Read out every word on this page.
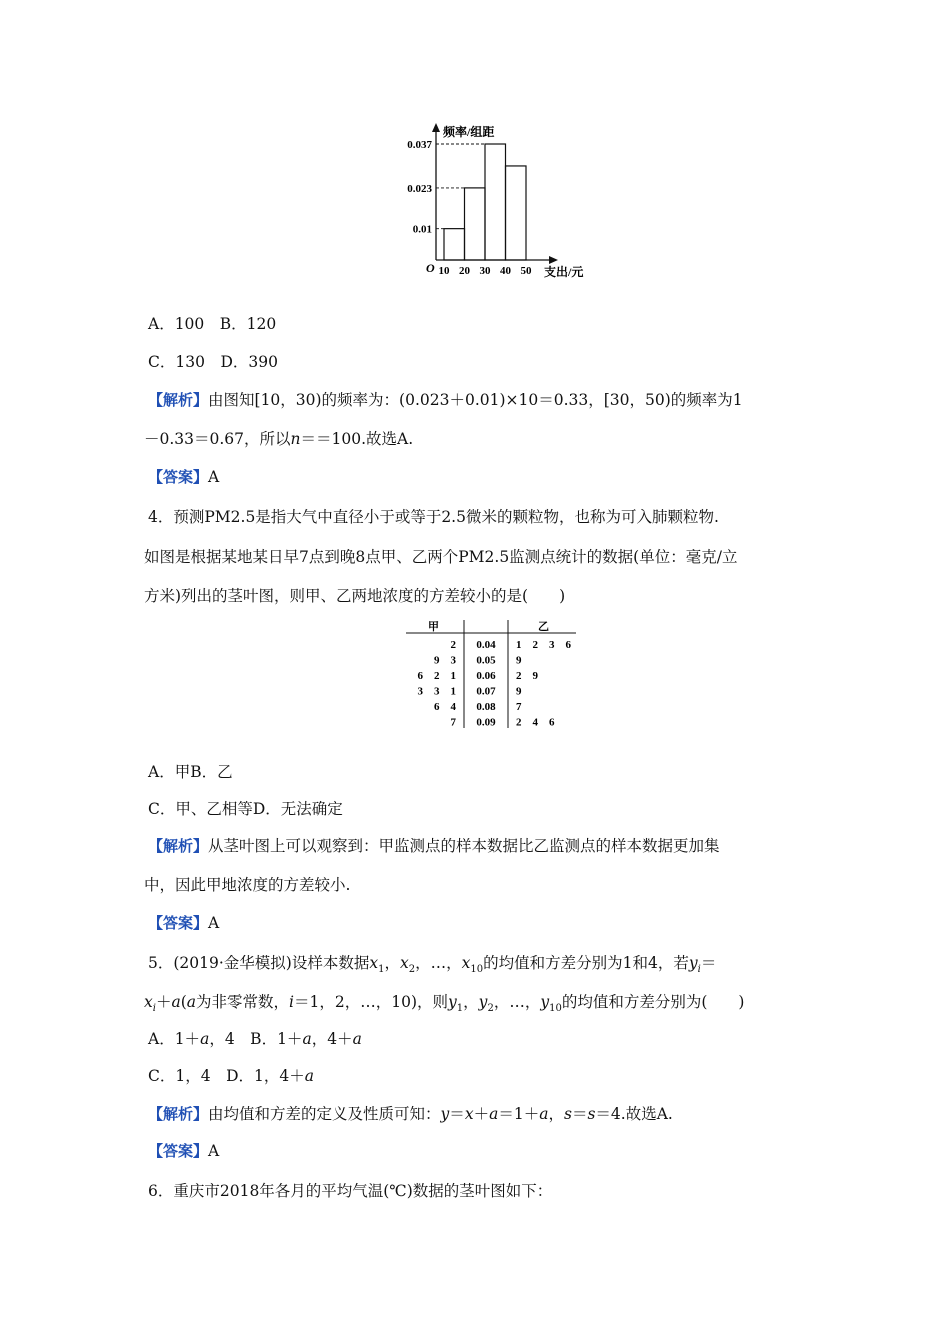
频率/组距
支出/元
O
0.037
0.023
0.01
10 20 30 40 50
A．100　B．120
C．130　D．390
【解析】由图知[10，30)的频率为：(0.023＋0.01)×10＝0.33，[30，50)的频率为1
－0.33＝0.67，所以n＝＝100.故选A.
【答案】A
4．预测PM2.5是指大气中直径小于或等于2.5微米的颗粒物，也称为可入肺颗粒物.
如图是根据某地某日早7点到晚8点甲、乙两个PM2.5监测点统计的数据(单位：毫克/立
方米)列出的茎叶图，则甲、乙两地浓度的方差较小的是(　　)
甲	乙
2 0.04 1　2　3　6
9　3 0.05 9
6　2　1 0.06 2　9
3　3　1 0.07 9
6　4 0.08 7
7 0.09 2　4　6
A．甲B．乙
C．甲、乙相等D．无法确定
【解析】从茎叶图上可以观察到：甲监测点的样本数据比乙监测点的样本数据更加集
中，因此甲地浓度的方差较小.
【答案】A
5．(2019·金华模拟)设样本数据$x_1$，$x_2$，…，$x_{10}$的均值和方差分别为1和4，若$y_i=$
$x_i+a(a$为非零常数，i＝1，2，…，10)，则$y_1$，$y_2$，…，$y_{10}$的均值和方差分别为(　　)
A．1＋a，4　B．1＋a，4＋a
C．1，4　D．1，4＋a
【解析】由均值和方差的定义及性质可知：y＝x＋a＝1＋a，s＝s＝4.故选A.
【答案】A
6．重庆市2018年各月的平均气温(℃)数据的茎叶图如下：
